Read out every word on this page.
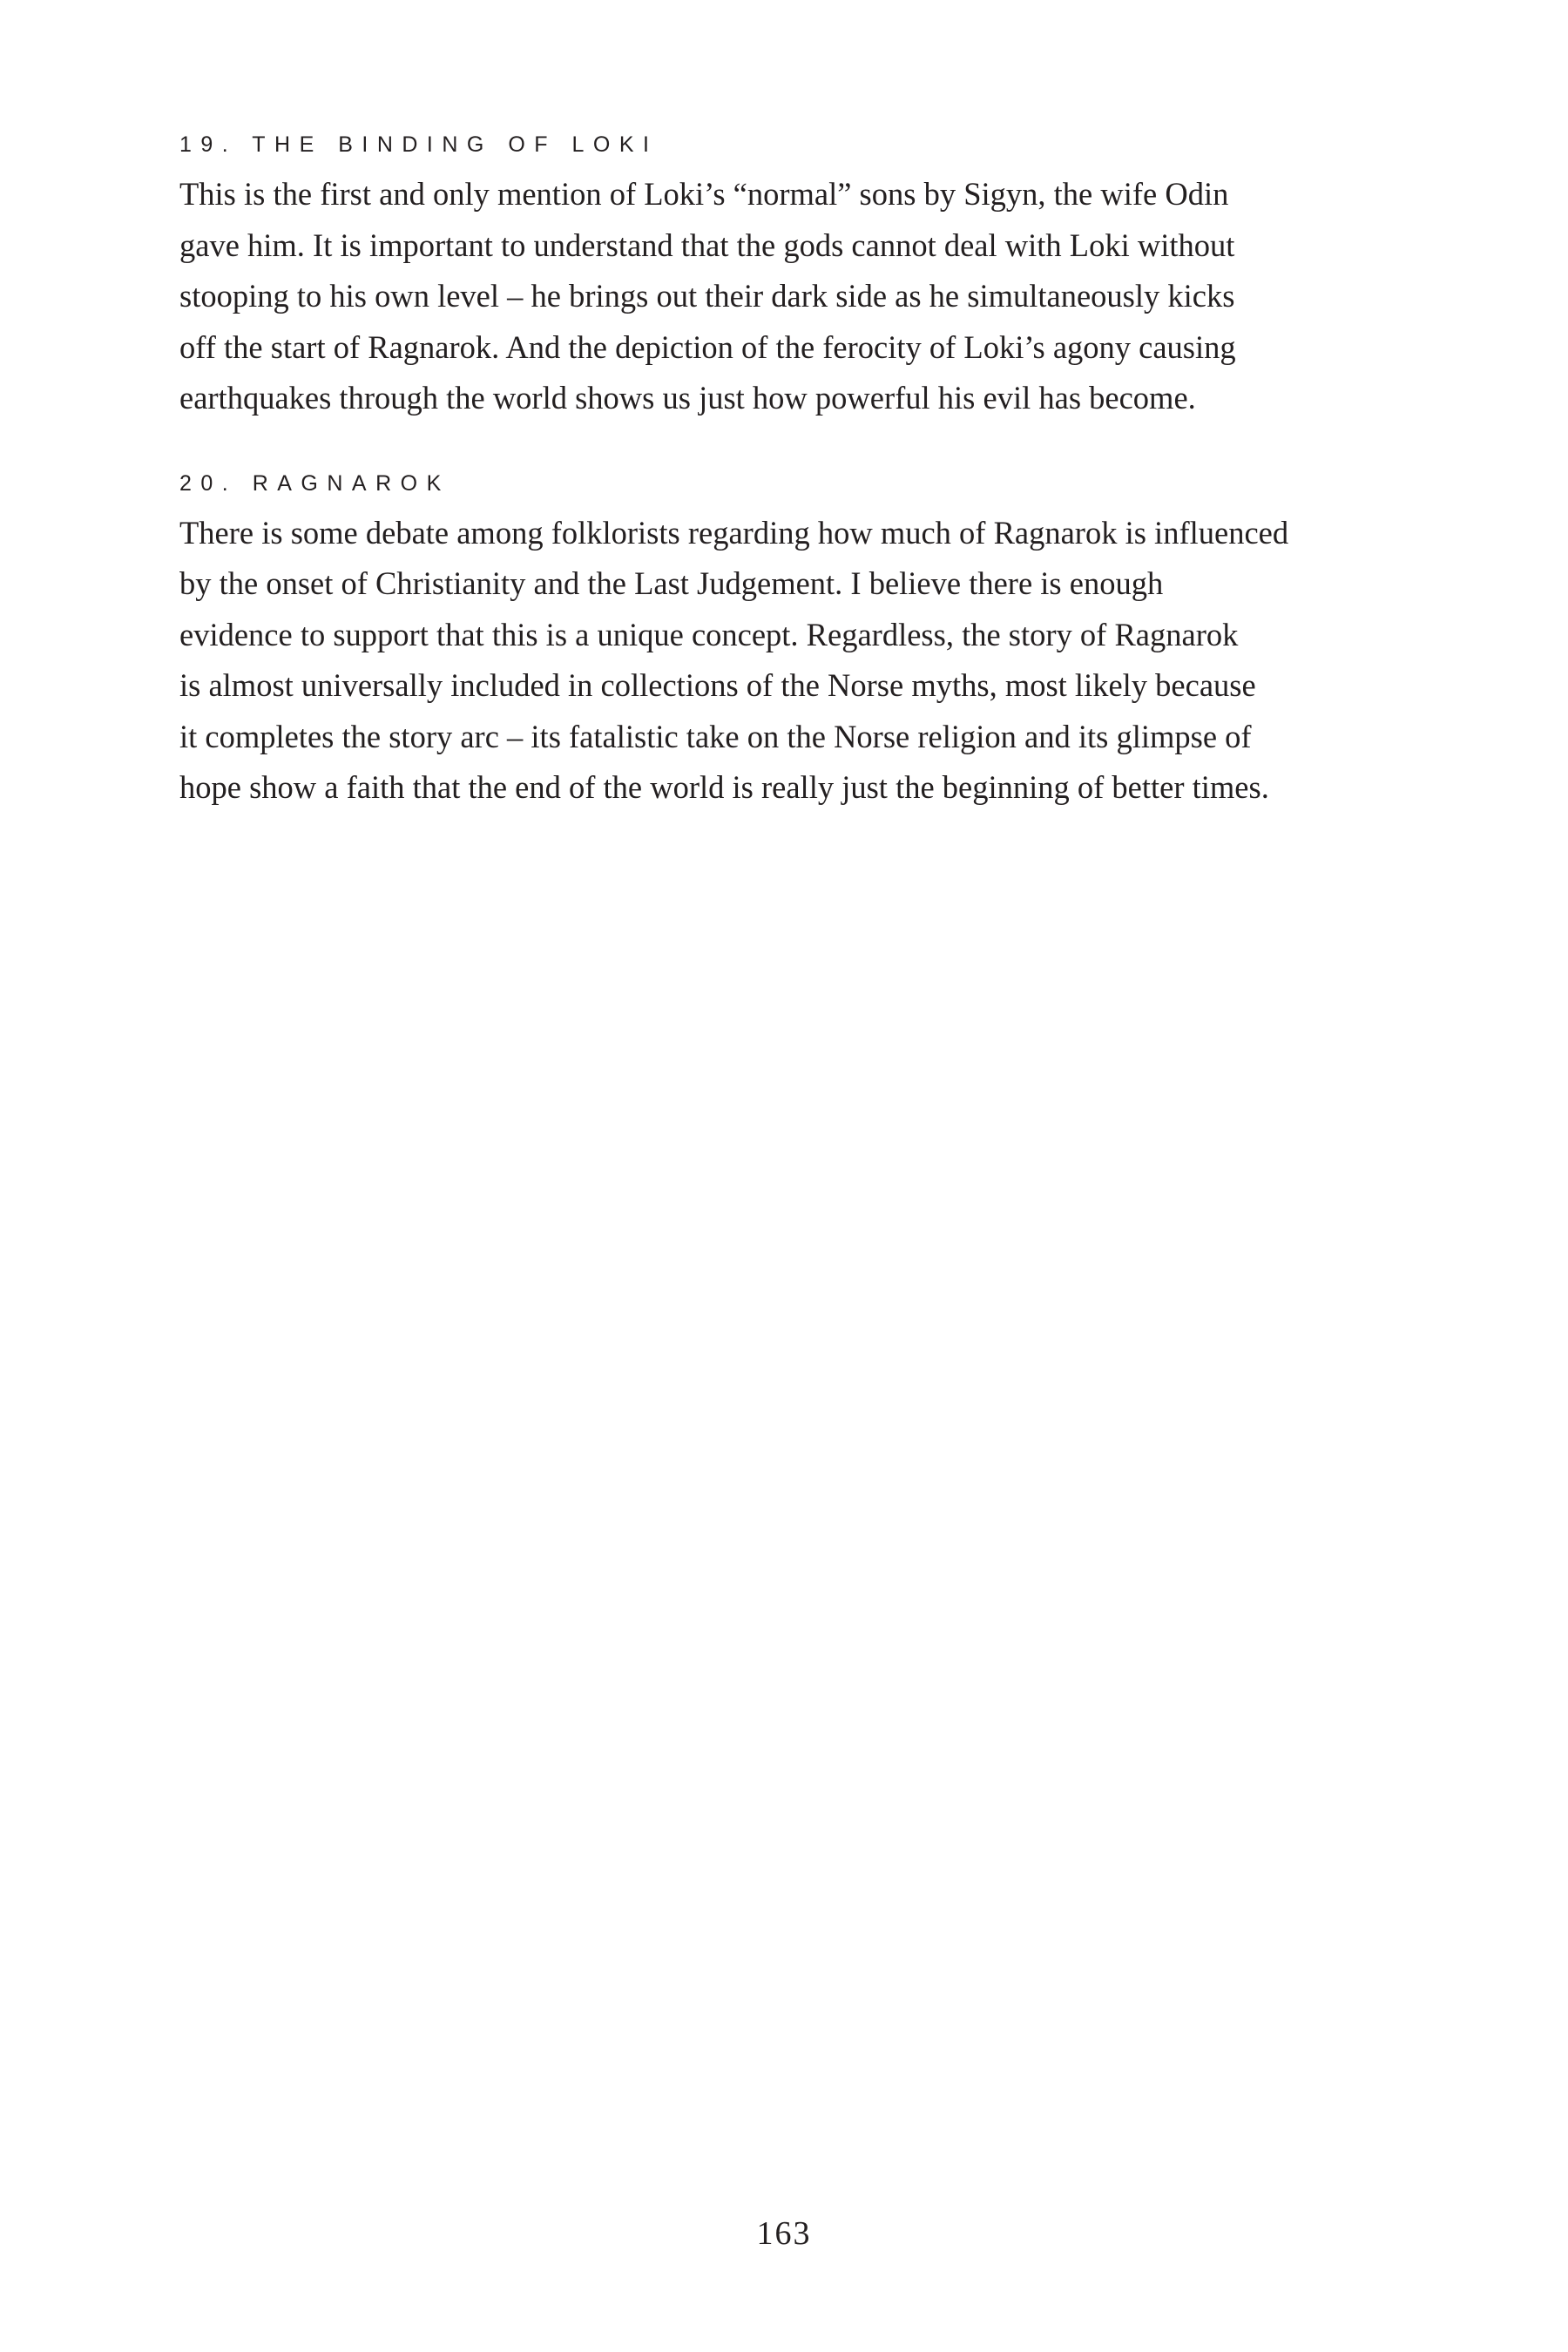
19. THE BINDING OF LOKI

This is the first and only mention of Loki’s “normal” sons by Sigyn, the wife Odin
gave him. It is important to understand that the gods cannot deal with Loki without
stooping to his own level – he brings out their dark side as he simultaneously kicks
off the start of Ragnarok. And the depiction of the ferocity of Loki’s agony causing
earthquakes through the world shows us just how powerful his evil has become.

20. RAGNAROK

There is some debate among folklorists regarding how much of Ragnarok is influenced
by the onset of Christianity and the Last Judgement. I believe there is enough
evidence to support that this is a unique concept. Regardless, the story of Ragnarok
is almost universally included in collections of the Norse myths, most likely because
it completes the story arc – its fatalistic take on the Norse religion and its glimpse of
hope show a faith that the end of the world is really just the beginning of better times.

163
